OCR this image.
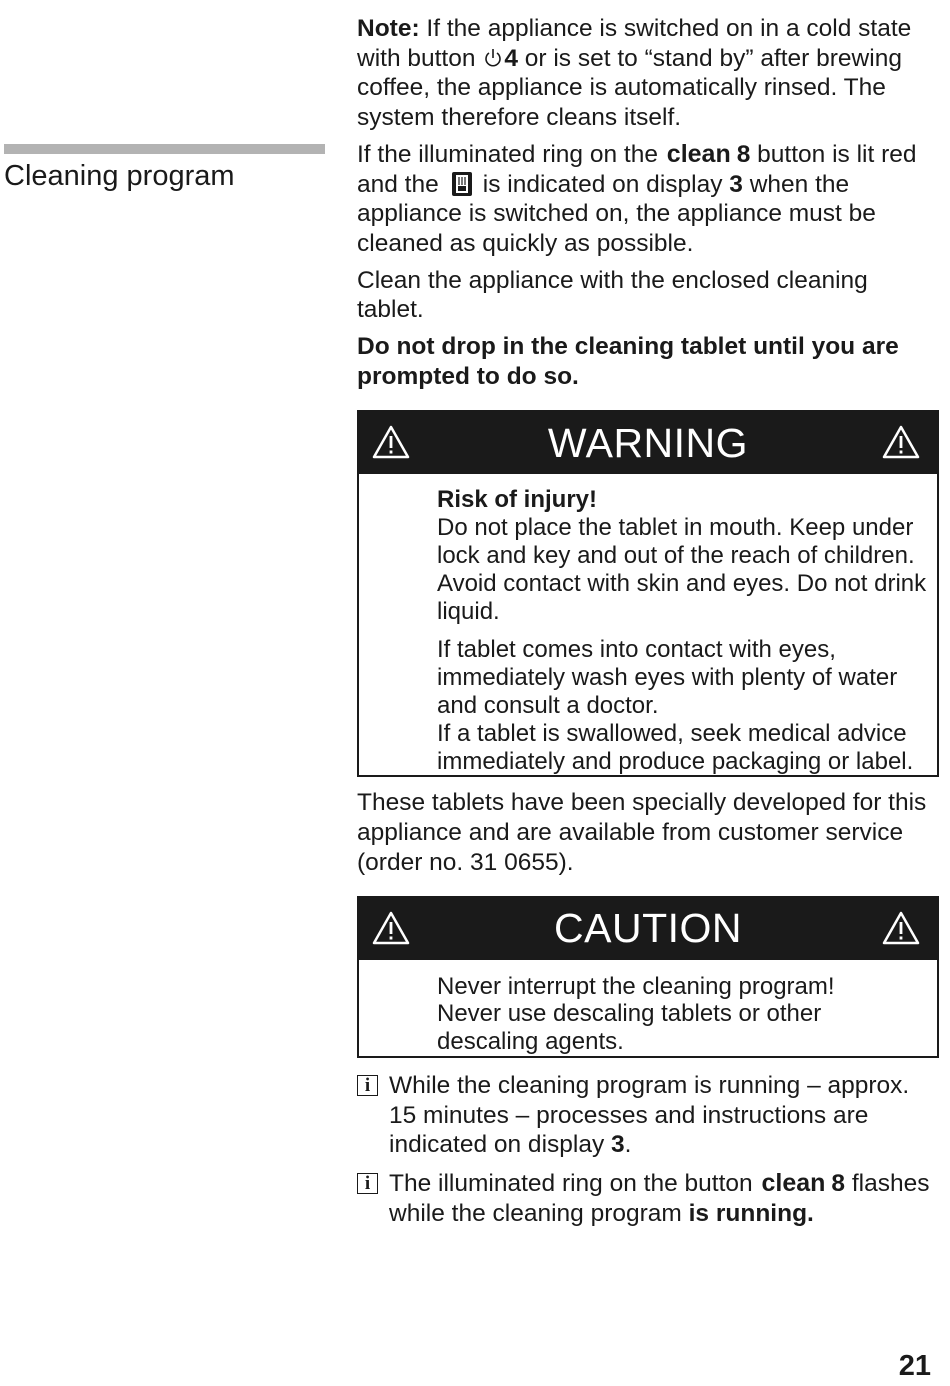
Cleaning program

Note: If the appliance is switched on in a cold state with button 4 or is set to “stand by” after brewing coffee, the appliance is automatically rinsed. The system therefore cleans itself.

If the illuminated ring on the clean 8 button is lit red and the is indicated on display 3 when the appliance is switched on, the appliance must be cleaned as quickly as possible.

Clean the appliance with the enclosed cleaning tablet.

Do not drop in the cleaning tablet until you are prompted to do so.

WARNING

Risk of injury!
Do not place the tablet in mouth. Keep under lock and key and out of the reach of children. Avoid contact with skin and eyes. Do not drink liquid.

If tablet comes into contact with eyes, immediately wash eyes with plenty of water and consult a doctor.

If a tablet is swallowed, seek medical advice immediately and produce packaging or label.

These tablets have been specially developed for this appliance and are available from customer service (order no. 31 0655).

CAUTION

Never interrupt the cleaning program!

Never use descaling tablets or other descaling agents.

i While the cleaning program is running – approx. 15 minutes – processes and instructions are indicated on display 3.

i The illuminated ring on the button clean 8 flashes while the cleaning program is running.

21
